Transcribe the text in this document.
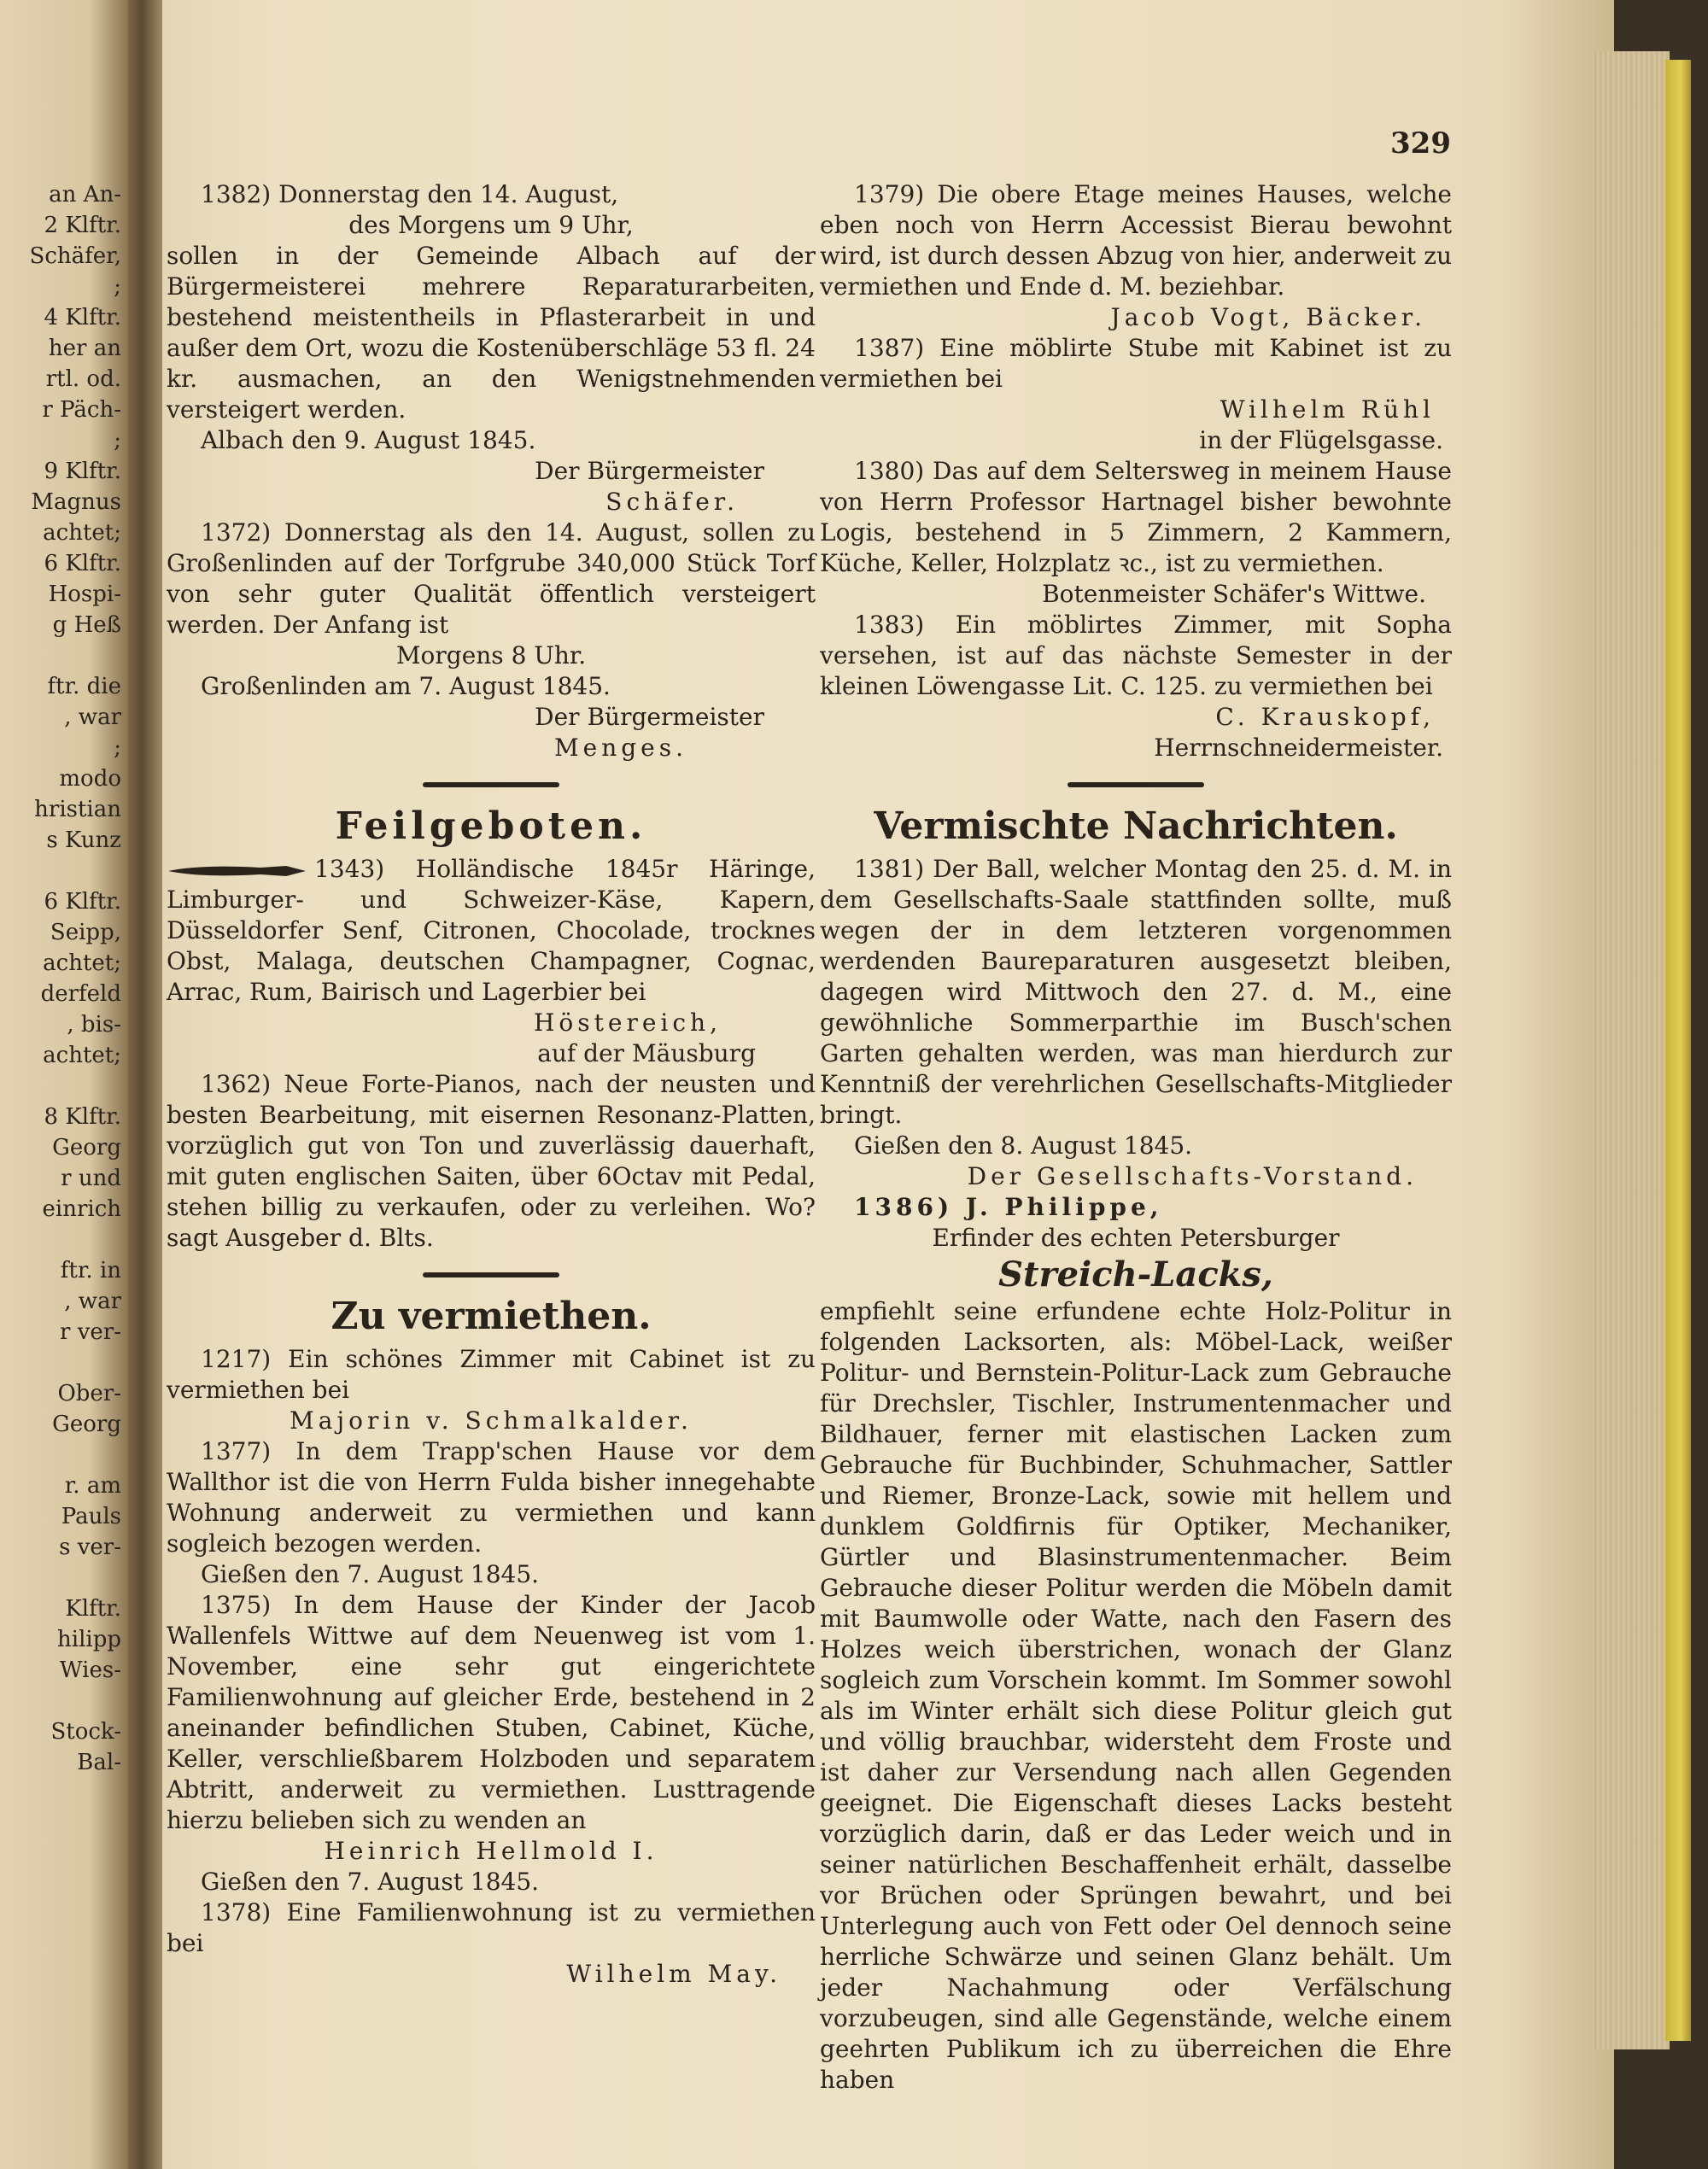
an An-
2 Klftr.
Schäfer,
;
4 Klftr.
her an
rtl. od.
r Päch-
;
9 Klftr.
Magnus
achtet;
6 Klftr.
Hospi-
g Heß
ftr. die
, war
;
modo
hristian
s Kunz
6 Klftr.
Seipp,
achtet;
derfeld
, bis-
achtet;
8 Klftr.
Georg
r und
einrich
ftr. in
, war
r ver-
Ober-
Georg
r. am
Pauls
s ver-
Klftr.
hilipp
Wies-
Stock-
Bal-
329

1382) Donnerstag den 14. August,

des Morgens um 9 Uhr,

sollen in der Gemeinde Albach auf der Bürgermeisterei mehrere Reparaturarbeiten, bestehend meistentheils in Pflasterarbeit in und außer dem Ort, wozu die Kostenüberschläge 53 fl. 24 kr. ausmachen, an den Wenigstnehmenden versteigert werden.

Albach den 9. August 1845.

Der Bürgermeister

Schäfer.

1372) Donnerstag als den 14. August, sollen zu Großenlinden auf der Torfgrube 340,000 Stück Torf von sehr guter Qualität öffentlich versteigert werden. Der Anfang ist

Morgens 8 Uhr.

Großenlinden am 7. August 1845.

Der Bürgermeister

Menges.

Feilgeboten.

1343) Holländische 1845r Häringe, Limburger- und Schweizer-Käse, Kapern, Düsseldorfer Senf, Citronen, Chocolade, trocknes Obst, Malaga, deutschen Champagner, Cognac, Arrac, Rum, Bairisch und Lagerbier bei

Höstereich,

auf der Mäusburg

1362) Neue Forte-Pianos, nach der neusten und besten Bearbeitung, mit eisernen Resonanz-Platten, vorzüglich gut von Ton und zuverlässig dauerhaft, mit guten englischen Saiten, über 6Octav mit Pedal, stehen billig zu verkaufen, oder zu verleihen. Wo? sagt Ausgeber d. Blts.

Zu vermiethen.

1217) Ein schönes Zimmer mit Cabinet ist zu vermiethen bei

Majorin v. Schmalkalder.

1377) In dem Trapp'schen Hause vor dem Wallthor ist die von Herrn Fulda bisher innegehabte Wohnung anderweit zu vermiethen und kann sogleich bezogen werden.

Gießen den 7. August 1845.

1375) In dem Hause der Kinder der Jacob Wallenfels Wittwe auf dem Neuenweg ist vom 1. November, eine sehr gut eingerichtete Familienwohnung auf gleicher Erde, bestehend in 2 aneinander befindlichen Stuben, Cabinet, Küche, Keller, verschließbarem Holzboden und separatem Abtritt, anderweit zu vermiethen. Lusttragende hierzu belieben sich zu wenden an

Heinrich Hellmold I.

Gießen den 7. August 1845.

1378) Eine Familienwohnung ist zu vermiethen bei

Wilhelm May.

1379) Die obere Etage meines Hauses, welche eben noch von Herrn Accessist Bierau bewohnt wird, ist durch dessen Abzug von hier, anderweit zu vermiethen und Ende d. M. beziehbar.

Jacob Vogt, Bäcker.

1387) Eine möblirte Stube mit Kabinet ist zu vermiethen bei

Wilhelm Rühl

in der Flügelsgasse.

1380) Das auf dem Seltersweg in meinem Hause von Herrn Professor Hartnagel bisher bewohnte Logis, bestehend in 5 Zimmern, 2 Kammern, Küche, Keller, Holzplatz ꝛc., ist zu vermiethen.

Botenmeister Schäfer's Wittwe.

1383) Ein möblirtes Zimmer, mit Sopha versehen, ist auf das nächste Semester in der kleinen Löwengasse Lit. C. 125. zu vermiethen bei

C. Krauskopf,

Herrnschneidermeister.

Vermischte Nachrichten.

1381) Der Ball, welcher Montag den 25. d. M. in dem Gesellschafts-Saale stattfinden sollte, muß wegen der in dem letzteren vorgenommen werdenden Baureparaturen ausgesetzt bleiben, dagegen wird Mittwoch den 27. d. M., eine gewöhnliche Sommerparthie im Busch'schen Garten gehalten werden, was man hierdurch zur Kenntniß der verehrlichen Gesellschafts-Mitglieder bringt.

Gießen den 8. August 1845.

Der Gesellschafts-Vorstand.

1386) J. Philippe,

Erfinder des echten Petersburger

Streich-Lacks,

empfiehlt seine erfundene echte Holz-Politur in folgenden Lacksorten, als: Möbel-Lack, weißer Politur- und Bernstein-Politur-Lack zum Gebrauche für Drechsler, Tischler, Instrumentenmacher und Bildhauer, ferner mit elastischen Lacken zum Gebrauche für Buchbinder, Schuhmacher, Sattler und Riemer, Bronze-Lack, sowie mit hellem und dunklem Goldfirnis für Optiker, Mechaniker, Gürtler und Blasinstrumentenmacher. Beim Gebrauche dieser Politur werden die Möbeln damit mit Baumwolle oder Watte, nach den Fasern des Holzes weich überstrichen, wonach der Glanz sogleich zum Vorschein kommt. Im Sommer sowohl als im Winter erhält sich diese Politur gleich gut und völlig brauchbar, widersteht dem Froste und ist daher zur Versendung nach allen Gegenden geeignet. Die Eigenschaft dieses Lacks besteht vorzüglich darin, daß er das Leder weich und in seiner natürlichen Beschaffenheit erhält, dasselbe vor Brüchen oder Sprüngen bewahrt, und bei Unterlegung auch von Fett oder Oel dennoch seine herrliche Schwärze und seinen Glanz behält. Um jeder Nachahmung oder Verfälschung vorzubeugen, sind alle Gegenstände, welche einem geehrten Publikum ich zu überreichen die Ehre haben
